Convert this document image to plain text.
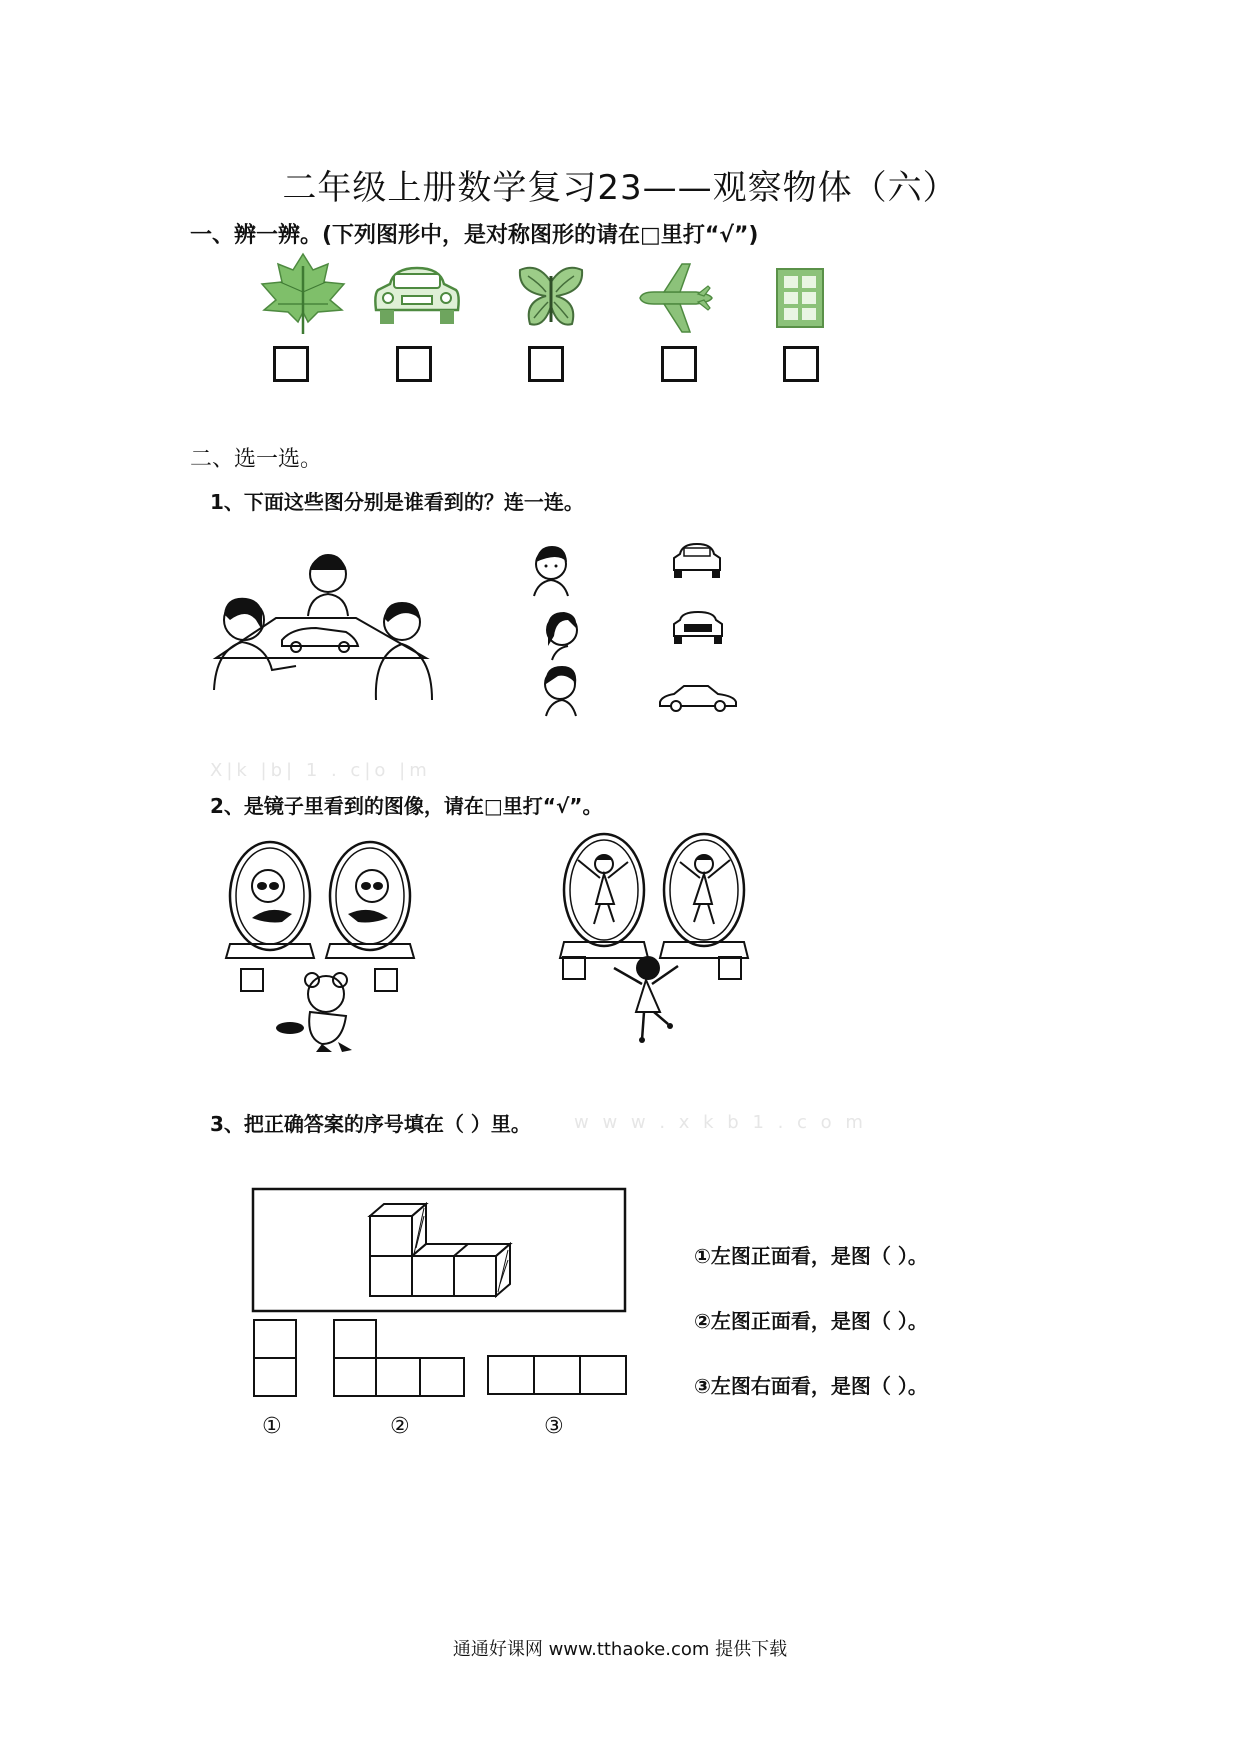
二年级上册数学复习23——观察物体（六）
一、辨一辨。(下列图形中，是对称图形的请在□里打“√”)
二、选一选。
1、下面这些图分别是谁看到的？连一连。
X|k |b| 1 . c|o |m
2、是镜子里看到的图像，请在□里打“√”。
3、把正确答案的序号填在（ ）里。 w w w . x k b 1 . c o m
①	②	③
①左图正面看，是图（ ）。
②左图正面看，是图（ ）。
③左图右面看，是图（ ）。
通通好课网 www.tthaoke.com 提供下载
